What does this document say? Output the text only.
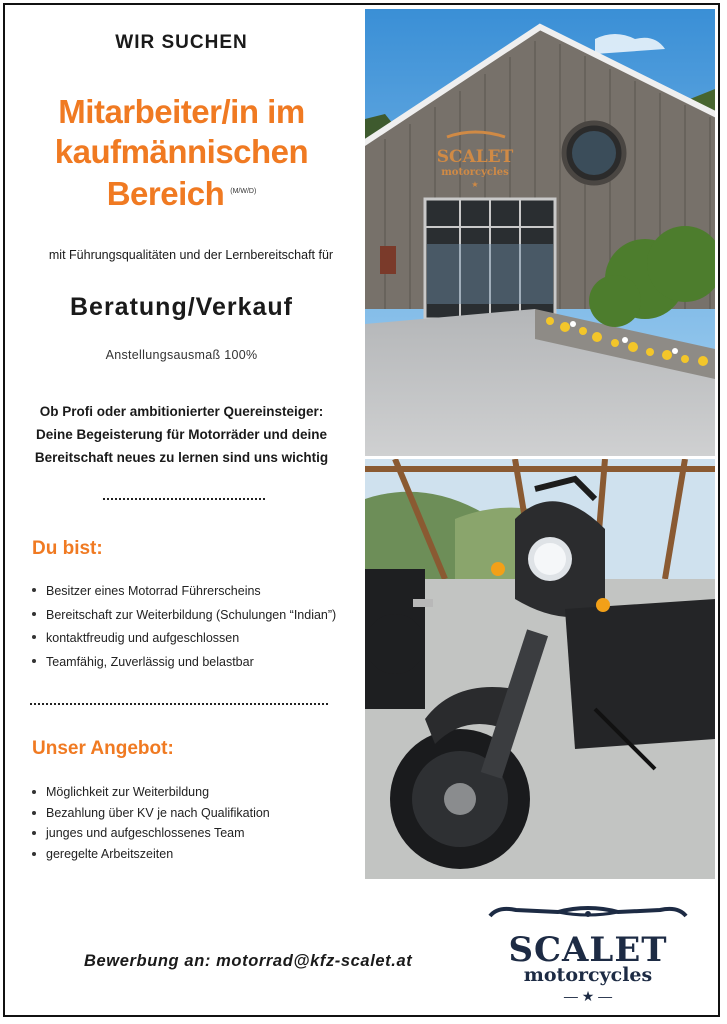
WIR SUCHEN
Mitarbeiter/in im
kaufmännischen
Bereich $^{(M/W/D)}$
mit Führungsqualitäten und der Lernbereitschaft für
Beratung/Verkauf
Anstellungsausmaß 100%
Ob Profi oder ambitionierter Quereinsteiger:
Deine Begeisterung für Motorräder und deine
Bereitschaft neues zu lernen sind uns wichtig
Du bist:
Besitzer eines Motorrad Führerscheins
Bereitschaft zur Weiterbildung (Schulungen “Indian”)
kontaktfreudig und aufgeschlossen
Teamfähig, Zuverlässig und belastbar
Unser Angebot:
Möglichkeit zur Weiterbildung
Bezahlung über KV je nach Qualifikation
junges und aufgeschlossenes Team
geregelte Arbeitszeiten
Bewerbung an: motorrad@kfz-scalet.at
SCALET
motorcycles
★
SCALET
motorcycles
— ★ —
